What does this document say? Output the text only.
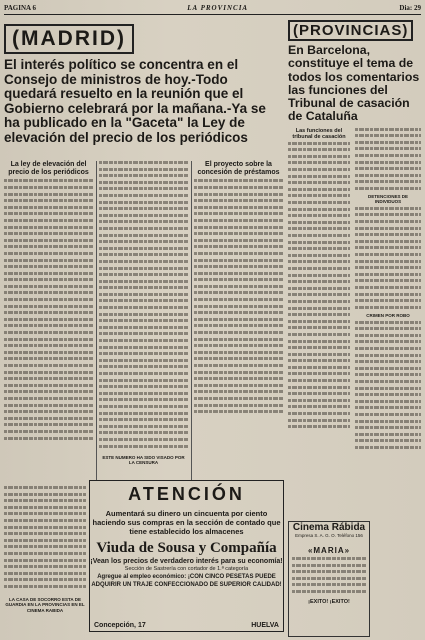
PAGINA 6	LA PROVINCIA	Dia: 29
(MADRID)
El interés político se concentra en el Consejo de ministros de hoy.-Todo quedará resuelto en la reunión que el Gobierno celebrará por la mañana.-Ya se ha publicado en la "Gaceta" la Ley de elevación del precio de los periódicos
La ley de elevación del precio de los periódicos
ESTE NUMERO HA SIDO VISADO POR LA CENSURA
El proyecto sobre la concesión de préstamos
LA CASA DE SOCORRO ESTA DE GUARDIA EN LA PROVINCIAS EN EL CINEMA RABIDA
(PROVINCIAS)
En Barcelona, constituye el tema de todos los comentarios las funciones del Tribunal de casación de Cataluña
Las funciones del tribunal de casación
DETENCIONES DE INDIVIDUOS
CRIMEN POR ROBO
Cinema Rábida
Empresa S. A. G. O. Teléfono 156
«MARIA»
¡EXITO! ¡EXITO!
ATENCIÓN
Aumentará su dinero un cincuenta por ciento haciendo sus compras en la sección de contado que tiene establecido los almacenes
Viuda de Sousa y Compañía
¡Vean los precios de verdadero interés para su economía!
Sección de Sastrería con cortador de 1.ª categoría
Agregue al empleo económico: ¡CON CINCO PESETAS PUEDE ADQUIRIR UN TRAJE CONFECCIONADO DE SUPERIOR CALIDAD!
Concepción, 17	HUELVA
